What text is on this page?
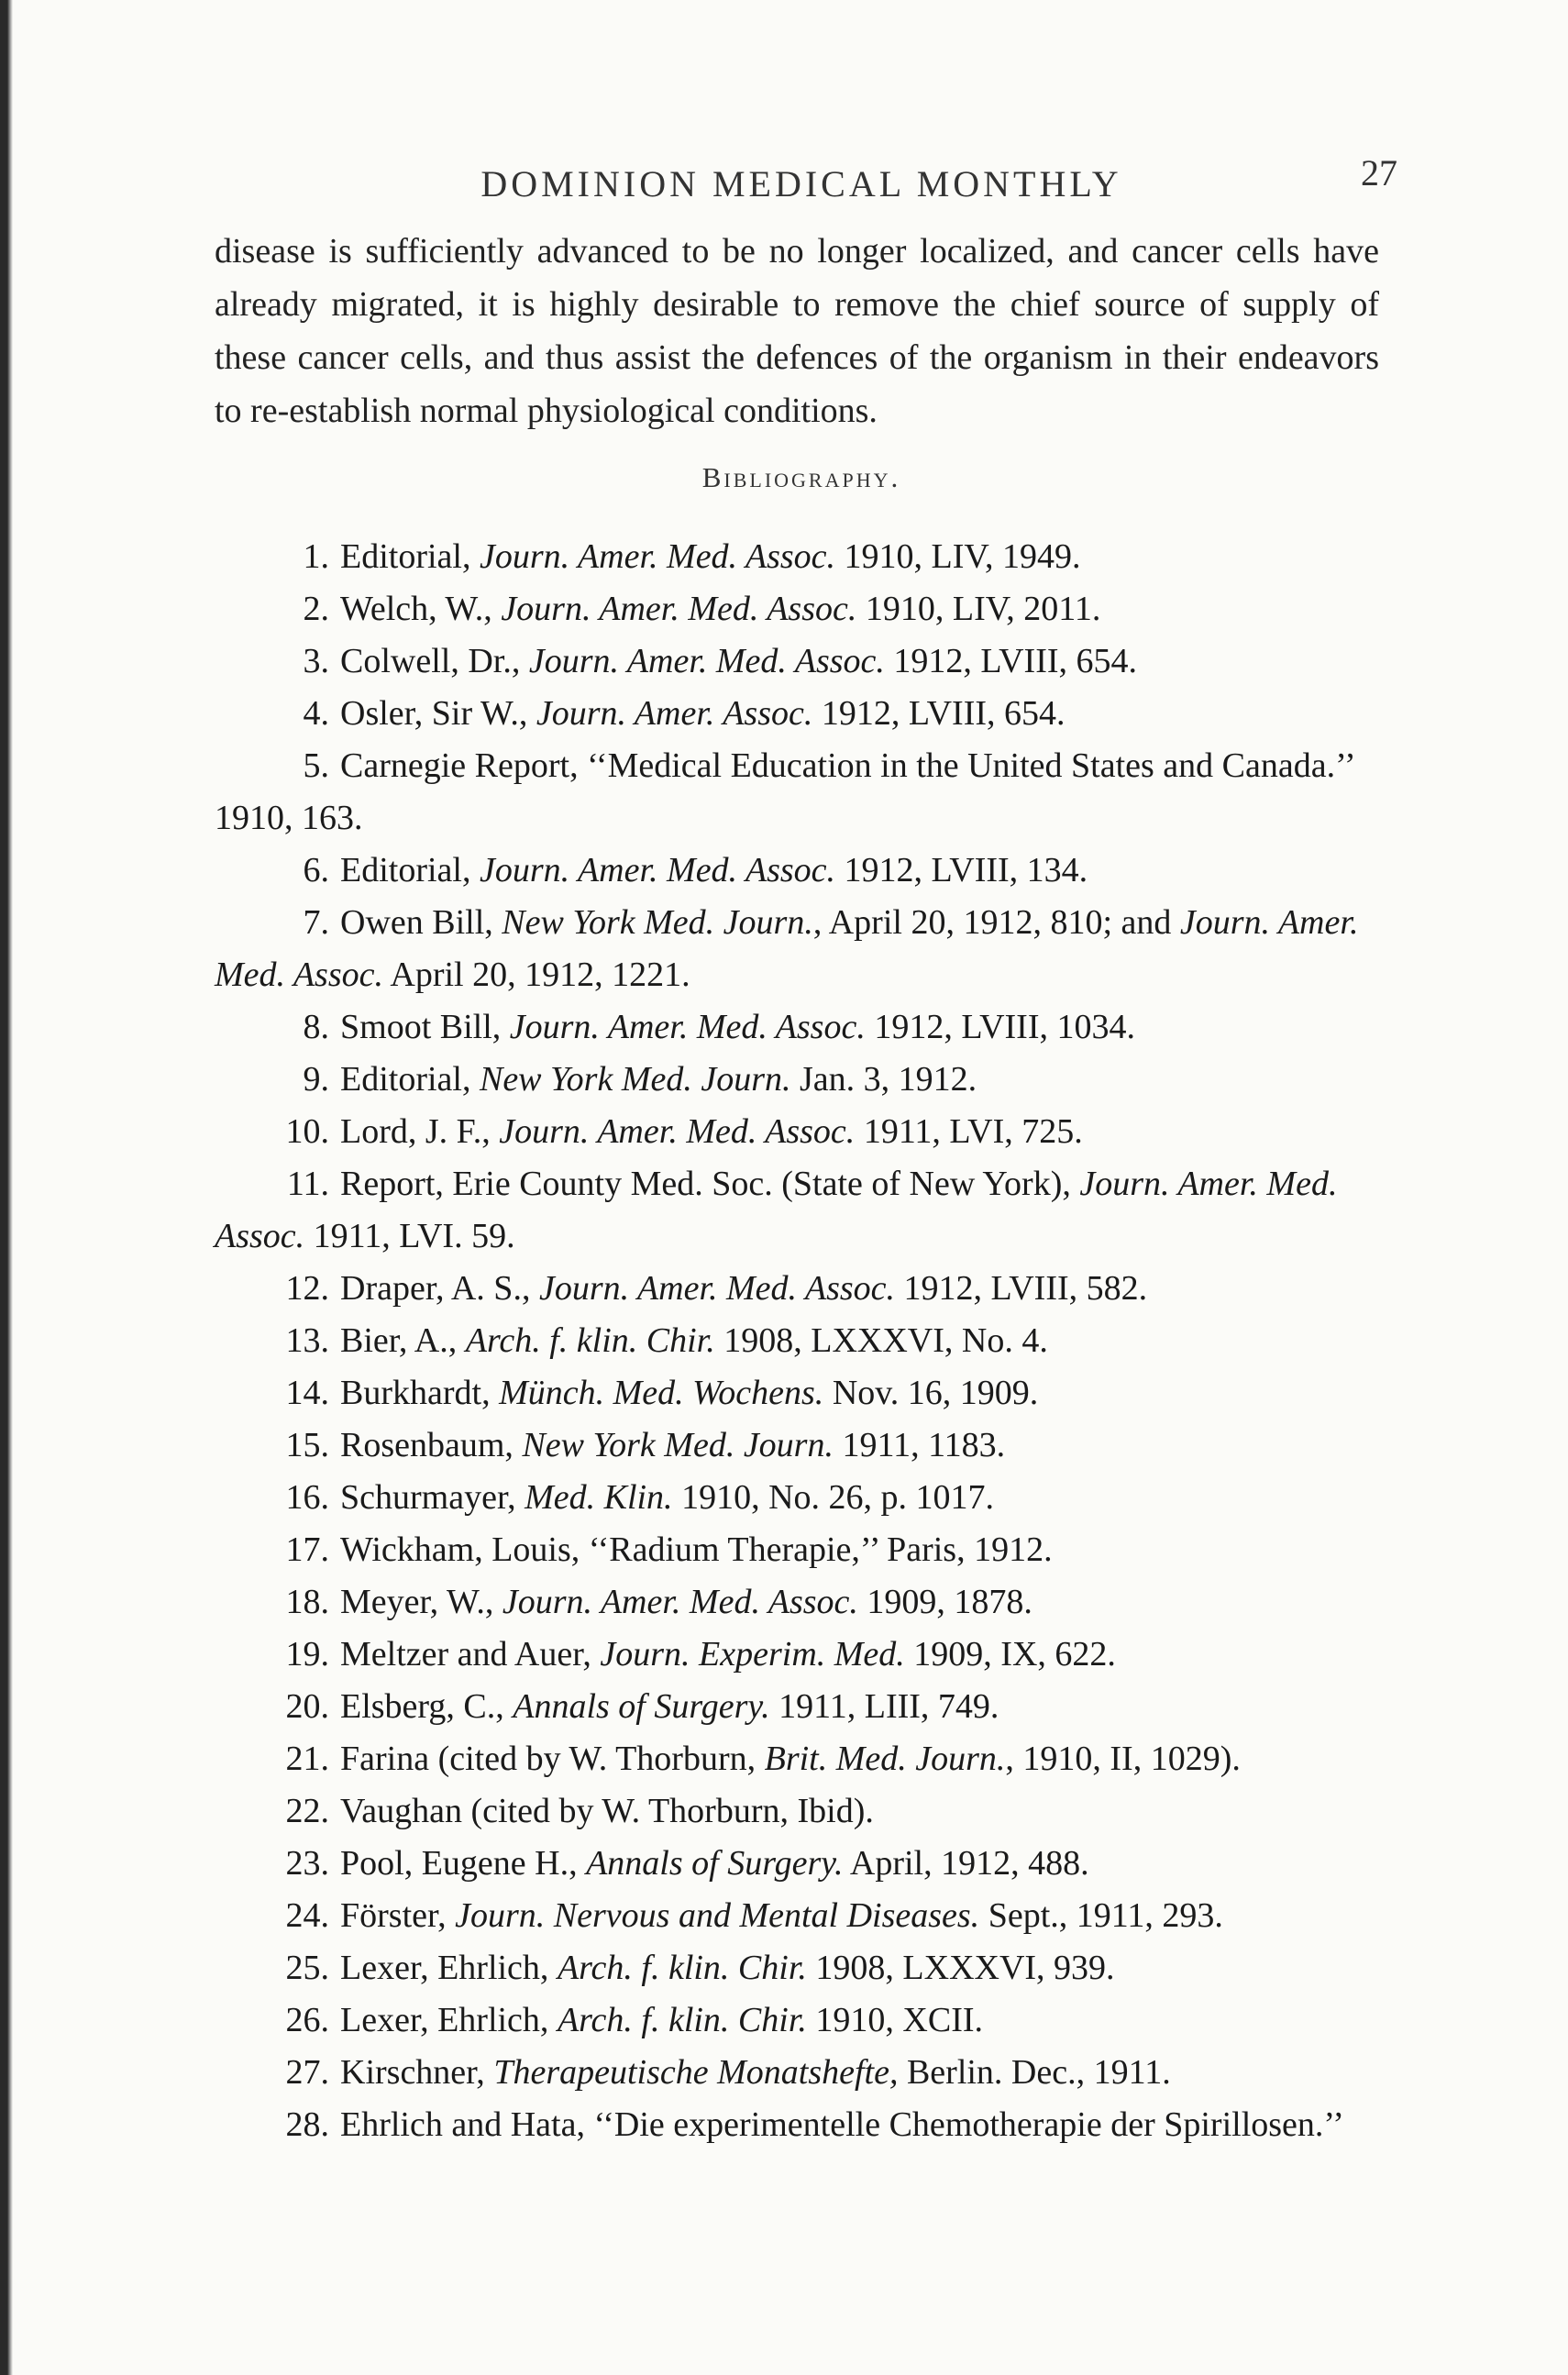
DOMINION MEDICAL MONTHLY	27

disease is sufficiently advanced to be no longer localized, and cancer cells have already migrated, it is highly desirable to remove the chief source of supply of these cancer cells, and thus assist the defences of the organism in their endeavors to re-establish normal physiological conditions.

Bibliography.
1. Editorial, Journ. Amer. Med. Assoc. 1910, LIV, 1949.
2. Welch, W., Journ. Amer. Med. Assoc. 1910, LIV, 2011.
3. Colwell, Dr., Journ. Amer. Med. Assoc. 1912, LVIII, 654.
4. Osler, Sir W., Journ. Amer. Assoc. 1912, LVIII, 654.
5. Carnegie Report, ‘‘Medical Education in the United States and Canada.’’ 1910, 163.
6. Editorial, Journ. Amer. Med. Assoc. 1912, LVIII, 134.
7. Owen Bill, New York Med. Journ., April 20, 1912, 810; and Journ. Amer. Med. Assoc. April 20, 1912, 1221.
8. Smoot Bill, Journ. Amer. Med. Assoc. 1912, LVIII, 1034.
9. Editorial, New York Med. Journ. Jan. 3, 1912.
10. Lord, J. F., Journ. Amer. Med. Assoc. 1911, LVI, 725.
11. Report, Erie County Med. Soc. (State of New York), Journ. Amer. Med. Assoc. 1911, LVI. 59.
12. Draper, A. S., Journ. Amer. Med. Assoc. 1912, LVIII, 582.
13. Bier, A., Arch. f. klin. Chir. 1908, LXXXVI, No. 4.
14. Burkhardt, Münch. Med. Wochens. Nov. 16, 1909.
15. Rosenbaum, New York Med. Journ. 1911, 1183.
16. Schurmayer, Med. Klin. 1910, No. 26, p. 1017.
17. Wickham, Louis, ‘‘Radium Therapie,’’ Paris, 1912.
18. Meyer, W., Journ. Amer. Med. Assoc. 1909, 1878.
19. Meltzer and Auer, Journ. Experim. Med. 1909, IX, 622.
20. Elsberg, C., Annals of Surgery. 1911, LIII, 749.
21. Farina (cited by W. Thorburn, Brit. Med. Journ., 1910, II, 1029).
22. Vaughan (cited by W. Thorburn, Ibid).
23. Pool, Eugene H., Annals of Surgery. April, 1912, 488.
24. Förster, Journ. Nervous and Mental Diseases. Sept., 1911, 293.
25. Lexer, Ehrlich, Arch. f. klin. Chir. 1908, LXXXVI, 939.
26. Lexer, Ehrlich, Arch. f. klin. Chir. 1910, XCII.
27. Kirschner, Therapeutische Monatshefte, Berlin. Dec., 1911.
28. Ehrlich and Hata, ‘‘Die experimentelle Chemotherapie der Spirillosen.’’
